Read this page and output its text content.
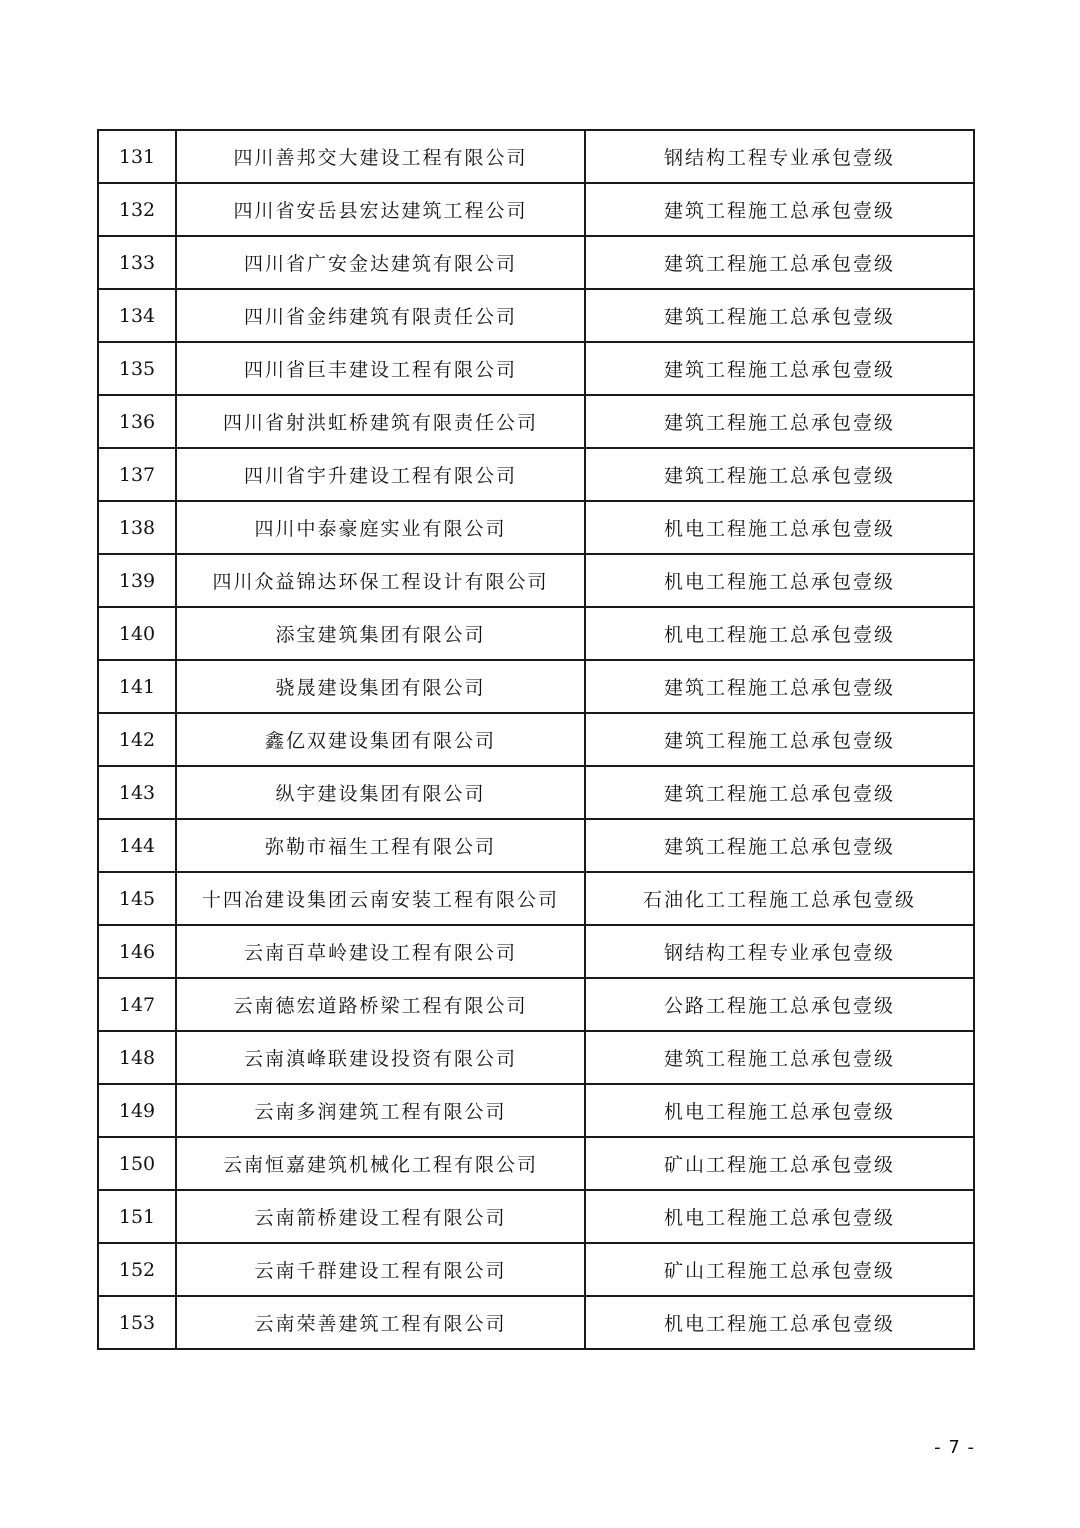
131	四川善邦交大建设工程有限公司	钢结构工程专业承包壹级
132	四川省安岳县宏达建筑工程公司	建筑工程施工总承包壹级
133	四川省广安金达建筑有限公司	建筑工程施工总承包壹级
134	四川省金纬建筑有限责任公司	建筑工程施工总承包壹级
135	四川省巨丰建设工程有限公司	建筑工程施工总承包壹级
136	四川省射洪虹桥建筑有限责任公司	建筑工程施工总承包壹级
137	四川省宇升建设工程有限公司	建筑工程施工总承包壹级
138	四川中泰豪庭实业有限公司	机电工程施工总承包壹级
139	四川众益锦达环保工程设计有限公司	机电工程施工总承包壹级
140	添宝建筑集团有限公司	机电工程施工总承包壹级
141	骁晟建设集团有限公司	建筑工程施工总承包壹级
142	鑫亿双建设集团有限公司	建筑工程施工总承包壹级
143	纵宇建设集团有限公司	建筑工程施工总承包壹级
144	弥勒市福生工程有限公司	建筑工程施工总承包壹级
145	十四冶建设集团云南安装工程有限公司	石油化工工程施工总承包壹级
146	云南百草岭建设工程有限公司	钢结构工程专业承包壹级
147	云南德宏道路桥梁工程有限公司	公路工程施工总承包壹级
148	云南滇峰联建设投资有限公司	建筑工程施工总承包壹级
149	云南多润建筑工程有限公司	机电工程施工总承包壹级
150	云南恒嘉建筑机械化工程有限公司	矿山工程施工总承包壹级
151	云南箭桥建设工程有限公司	机电工程施工总承包壹级
152	云南千群建设工程有限公司	矿山工程施工总承包壹级
153	云南荣善建筑工程有限公司	机电工程施工总承包壹级
- 7 -
